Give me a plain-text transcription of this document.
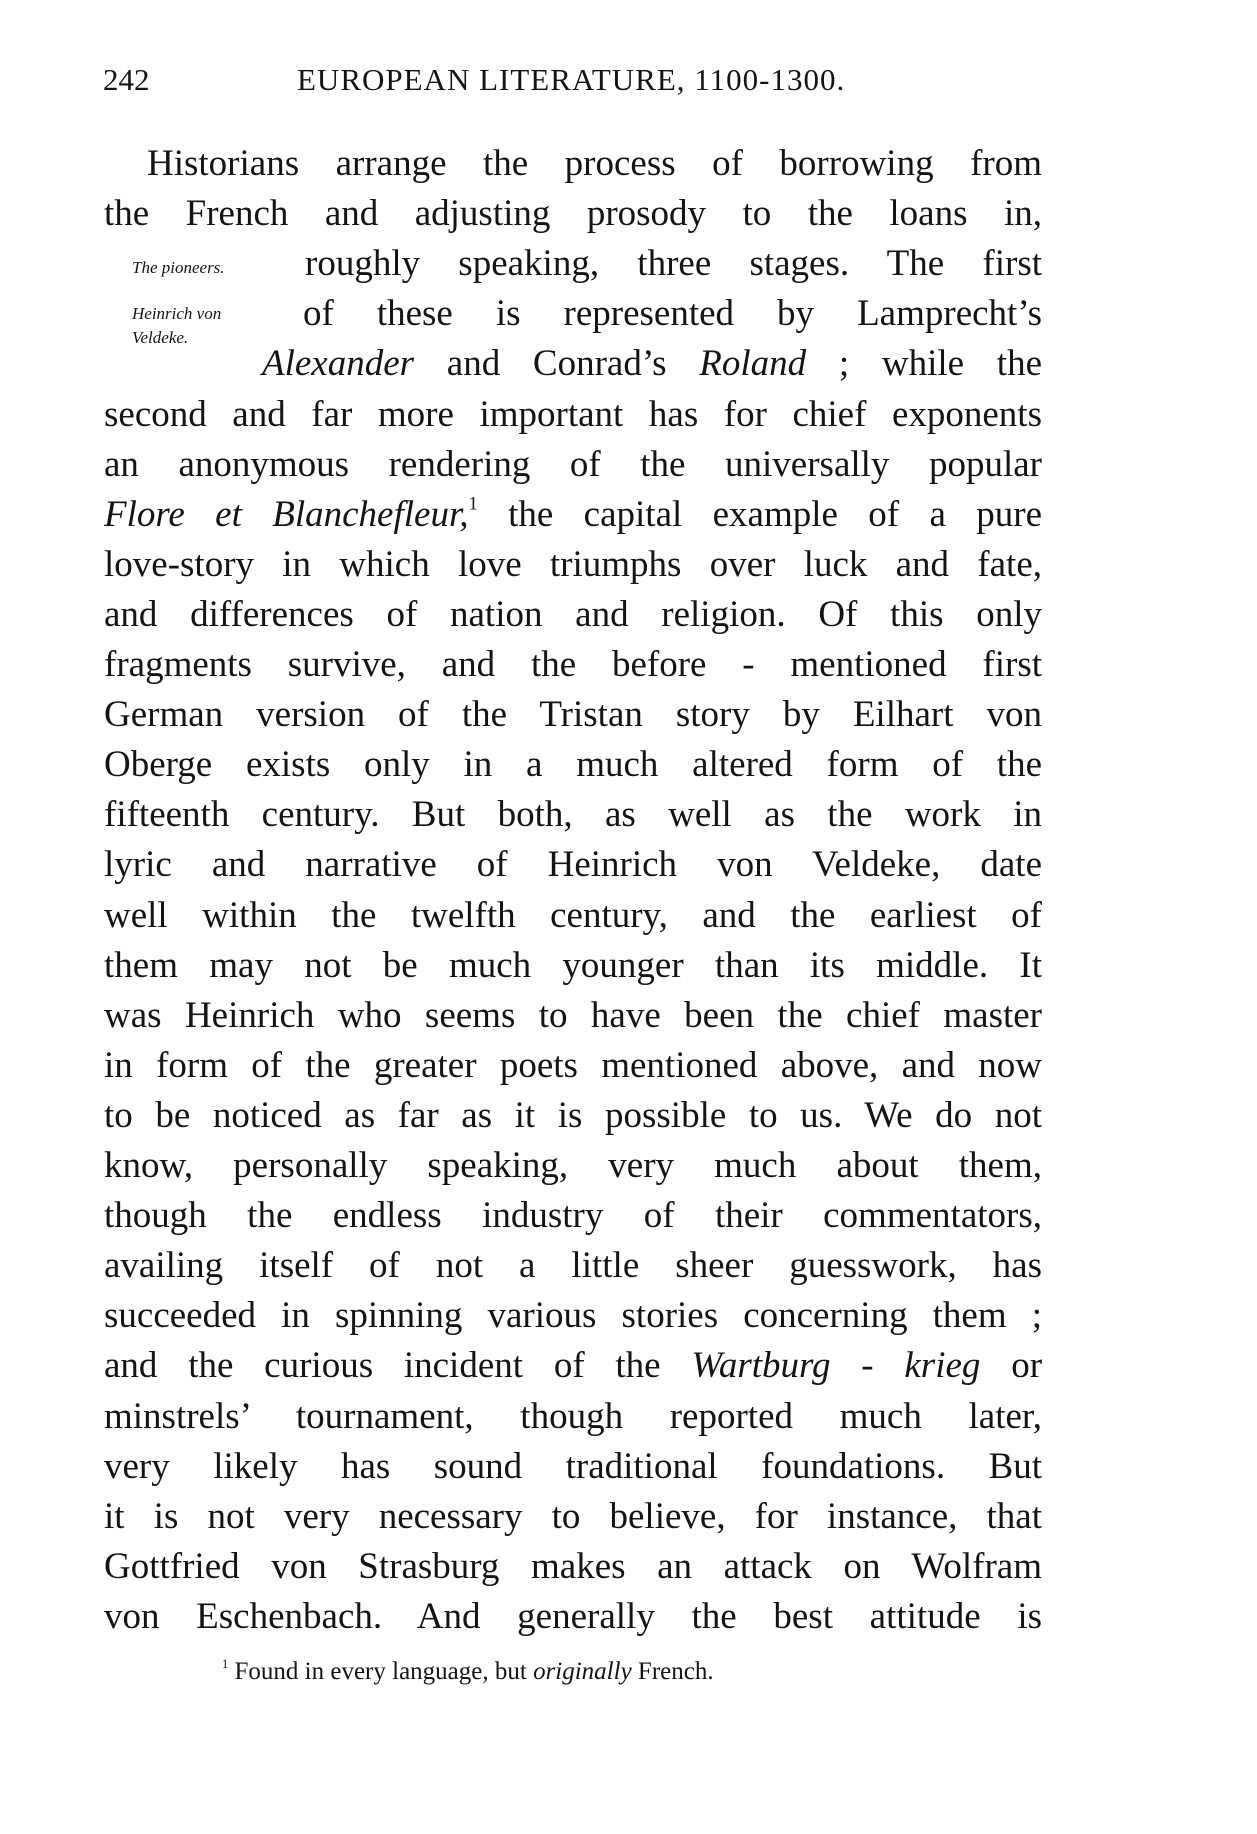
242	EUROPEAN LITERATURE, 1100-1300.
The pioneers.
Heinrich von
Veldeke.
Historians arrange the process of borrowing from
the French and adjusting prosody to the loans in,
roughly speaking, three stages. The first
of these is represented by Lamprecht’s
Alexander and Conrad’s Roland ; while the
second and far more important has for chief exponents
an anonymous rendering of the universally popular
Flore et Blanchefleur,$^1$ the capital example of a pure
love-story in which love triumphs over luck and fate,
and differences of nation and religion. Of this only
fragments survive, and the before - mentioned first
German version of the Tristan story by Eilhart von
Oberge exists only in a much altered form of the
fifteenth century. But both, as well as the work in
lyric and narrative of Heinrich von Veldeke, date
well within the twelfth century, and the earliest of
them may not be much younger than its middle. It
was Heinrich who seems to have been the chief master
in form of the greater poets mentioned above, and now
to be noticed as far as it is possible to us. We do not
know, personally speaking, very much about them,
though the endless industry of their commentators,
availing itself of not a little sheer guesswork, has
succeeded in spinning various stories concerning them ;
and the curious incident of the Wartburg - krieg or
minstrels’ tournament, though reported much later,
very likely has sound traditional foundations. But
it is not very necessary to believe, for instance, that
Gottfried von Strasburg makes an attack on Wolfram
von Eschenbach. And generally the best attitude is
$^1$ Found in every language, but originally French.
